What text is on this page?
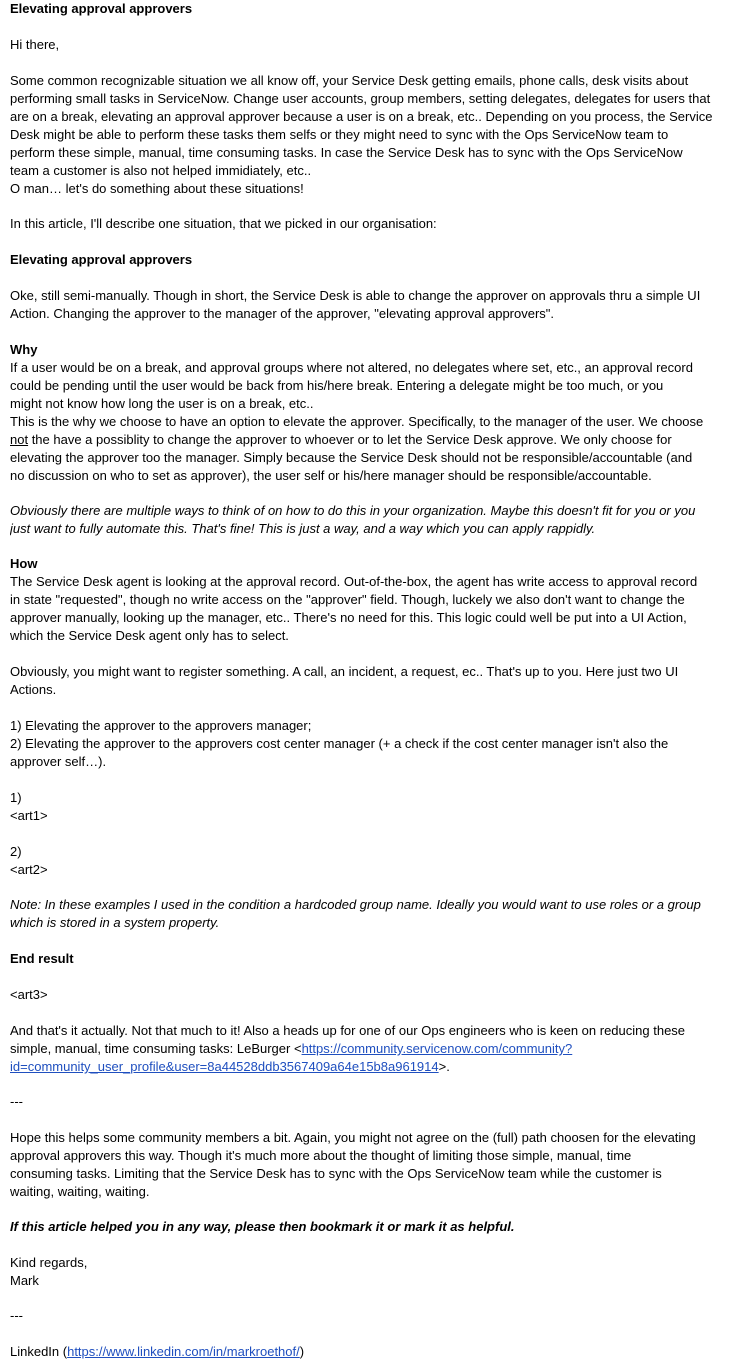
Elevating approval approvers
Hi there,
Some common recognizable situation we all know off, your Service Desk getting emails, phone calls, desk visits about
performing small tasks in ServiceNow. Change user accounts, group members, setting delegates, delegates for users that
are on a break, elevating an approval approver because a user is on a break, etc.. Depending on you process, the Service
Desk might be able to perform these tasks them selfs or they might need to sync with the Ops ServiceNow team to
perform these simple, manual, time consuming tasks. In case the Service Desk has to sync with the Ops ServiceNow
team a customer is also not helped immidiately, etc..
O man… let's do something about these situations!
In this article, I'll describe one situation, that we picked in our organisation:
Elevating approval approvers
Oke, still semi-manually. Though in short, the Service Desk is able to change the approver on approvals thru a simple UI
Action. Changing the approver to the manager of the approver, "elevating approval approvers".
Why
If a user would be on a break, and approval groups where not altered, no delegates where set, etc., an approval record
could be pending until the user would be back from his/here break. Entering a delegate might be too much, or you
might not know how long the user is on a break, etc..
This is the why we choose to have an option to elevate the approver. Specifically, to the manager of the user. We choose
not the have a possiblity to change the approver to whoever or to let the Service Desk approve. We only choose for
elevating the approver too the manager. Simply because the Service Desk should not be responsible/accountable (and
no discussion on who to set as approver), the user self or his/here manager should be responsible/accountable.
Obviously there are multiple ways to think of on how to do this in your organization. Maybe this doesn't fit for you or you
just want to fully automate this. That's fine! This is just a way, and a way which you can apply rappidly.
How
The Service Desk agent is looking at the approval record. Out-of-the-box, the agent has write access to approval record
in state "requested", though no write access on the "approver" field. Though, luckely we also don't want to change the
approver manually, looking up the manager, etc.. There's no need for this. This logic could well be put into a UI Action,
which the Service Desk agent only has to select.
Obviously, you might want to register something. A call, an incident, a request, ec.. That's up to you. Here just two UI
Actions.
1) Elevating the approver to the approvers manager;
2) Elevating the approver to the approvers cost center manager (+ a check if the cost center manager isn't also the
approver self…).
1)
<art1>
2)
<art2>
Note: In these examples I used in the condition a hardcoded group name. Ideally you would want to use roles or a group
which is stored in a system property.
End result
<art3>
And that's it actually. Not that much to it! Also a heads up for one of our Ops engineers who is keen on reducing these
simple, manual, time consuming tasks: LeBurger <https://community.servicenow.com/community?
id=community_user_profile&user=8a44528ddb3567409a64e15b8a961914>.
---
Hope this helps some community members a bit. Again, you might not agree on the (full) path choosen for the elevating
approval approvers this way. Though it's much more about the thought of limiting those simple, manual, time
consuming tasks. Limiting that the Service Desk has to sync with the Ops ServiceNow team while the customer is
waiting, waiting, waiting.
If this article helped you in any way, please then bookmark it or mark it as helpful.
Kind regards,
Mark
---
LinkedIn (https://www.linkedin.com/in/markroethof/)
